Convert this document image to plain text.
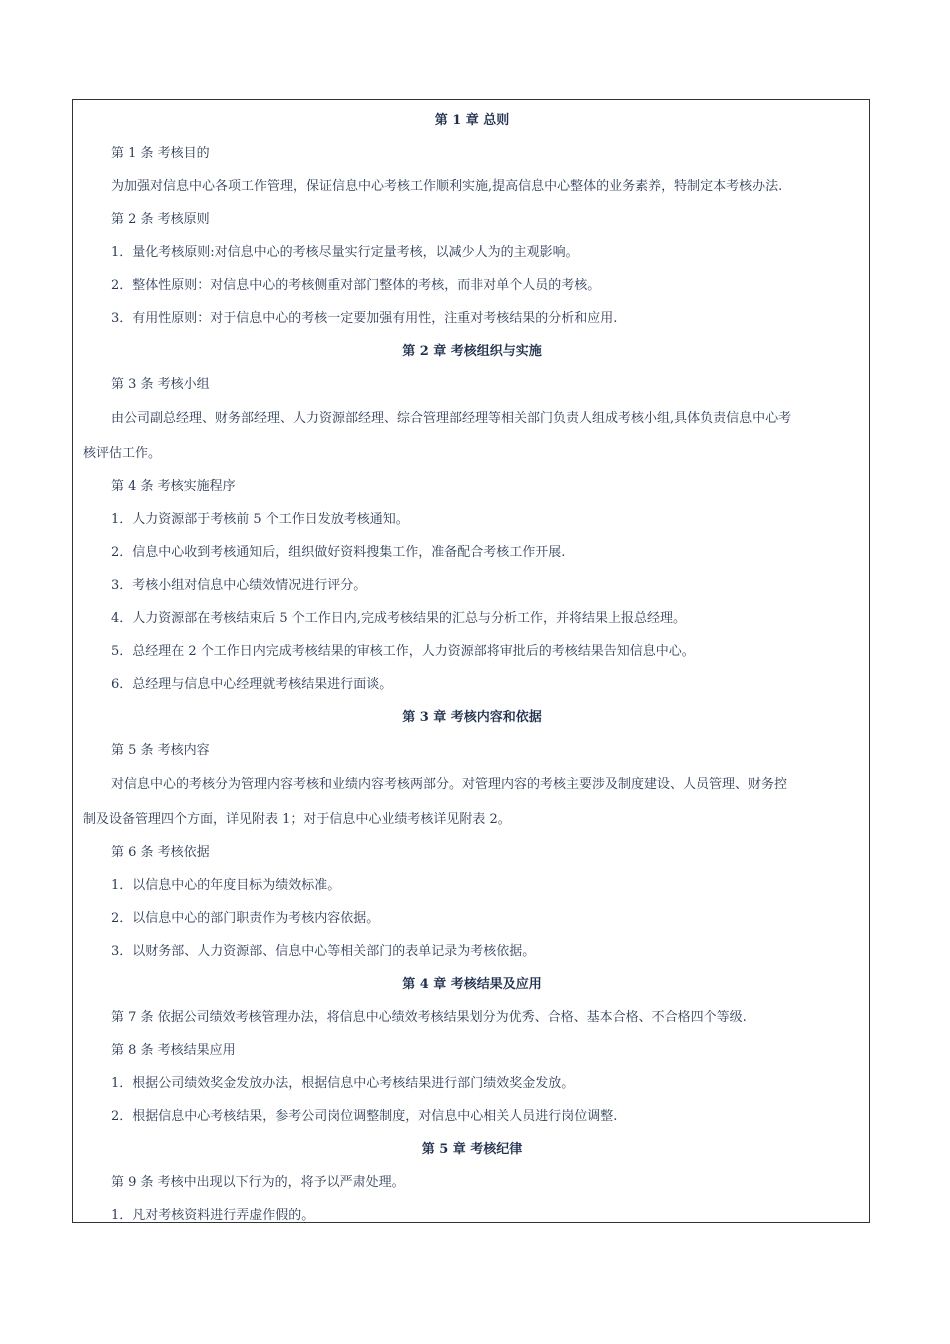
第 1 章 总则
第 1 条 考核目的
为加强对信息中心各项工作管理，保证信息中心考核工作顺利实施,提高信息中心整体的业务素养，特制定本考核办法.
第 2 条 考核原则
1．量化考核原则:对信息中心的考核尽量实行定量考核，以减少人为的主观影响。
2．整体性原则：对信息中心的考核侧重对部门整体的考核，而非对单个人员的考核。
3．有用性原则：对于信息中心的考核一定要加强有用性，注重对考核结果的分析和应用.
第 2 章 考核组织与实施
第 3 条 考核小组
由公司副总经理、财务部经理、人力资源部经理、综合管理部经理等相关部门负责人组成考核小组,具体负责信息中心考
核评估工作。
第 4 条 考核实施程序
1．人力资源部于考核前 5 个工作日发放考核通知。
2．信息中心收到考核通知后，组织做好资料搜集工作，准备配合考核工作开展.
3．考核小组对信息中心绩效情况进行评分。
4．人力资源部在考核结束后 5 个工作日内,完成考核结果的汇总与分析工作，并将结果上报总经理。
5．总经理在 2 个工作日内完成考核结果的审核工作，人力资源部将审批后的考核结果告知信息中心。
6．总经理与信息中心经理就考核结果进行面谈。
第 3 章 考核内容和依据
第 5 条 考核内容
对信息中心的考核分为管理内容考核和业绩内容考核两部分。对管理内容的考核主要涉及制度建设、人员管理、财务控
制及设备管理四个方面，详见附表 1；对于信息中心业绩考核详见附表 2。
第 6 条 考核依据
1．以信息中心的年度目标为绩效标准。
2．以信息中心的部门职责作为考核内容依据。
3．以财务部、人力资源部、信息中心等相关部门的表单记录为考核依据。
第 4 章 考核结果及应用
第 7 条 依据公司绩效考核管理办法，将信息中心绩效考核结果划分为优秀、合格、基本合格、不合格四个等级.
第 8 条 考核结果应用
1．根据公司绩效奖金发放办法，根据信息中心考核结果进行部门绩效奖金发放。
2．根据信息中心考核结果，参考公司岗位调整制度，对信息中心相关人员进行岗位调整.
第 5 章 考核纪律
第 9 条 考核中出现以下行为的，将予以严肃处理。
1．凡对考核资料进行弄虚作假的。
